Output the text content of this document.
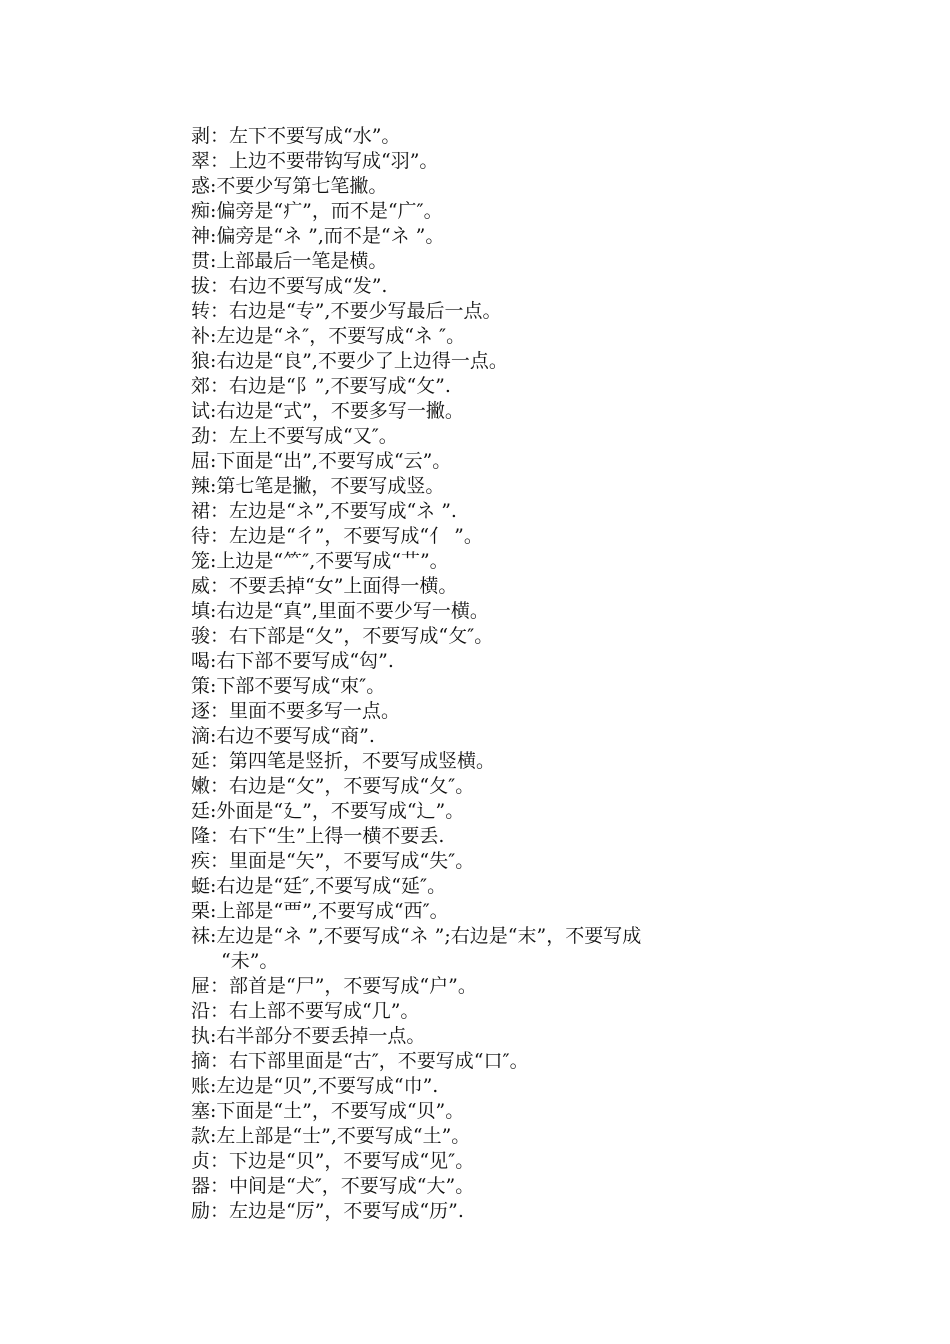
剥：左下不要写成“水”。
翠：上边不要带钩写成“羽”。
惑:不要少写第七笔撇。
痴:偏旁是“疒”，而不是“广″。
神:偏旁是“ネ ”,而不是“ネ ”。
贯:上部最后一笔是横。
拔：右边不要写成“发”.
转：右边是“专”,不要少写最后一点。
补:左边是“ネ″，不要写成“ネ ″。
狼:右边是“良”,不要少了上边得一点。
郊：右边是“阝”,不要写成“攵”.
试:右边是“式”，不要多写一撇。
劲：左上不要写成“又″。
屈:下面是“出”,不要写成“云”。
辣:第七笔是撇，不要写成竖。
裙：左边是“ネ”,不要写成“ネ ”.
待：左边是“彳”，不要写成“亻 ”。
笼:上边是“⺮″,不要写成“艹”。
威：不要丢掉“女”上面得一横。
填:右边是“真”,里面不要少写一横。
骏：右下部是“夂”，不要写成“攵″。
喝:右下部不要写成“匃”.
策:下部不要写成“朿″。
逐：里面不要多写一点。
滴:右边不要写成“商”.
延：第四笔是竖折，不要写成竖横。
嫩：右边是“攵”，不要写成“夂″。
廷:外面是“廴”，不要写成“辶”。
隆：右下“生”上得一横不要丢.
疾：里面是“矢”，不要写成“失″。
蜓:右边是“廷″,不要写成“延″。
栗:上部是“覀”,不要写成“西″。
袜:左边是“ネ ”,不要写成“ネ ”;右边是“末”，不要写成
“未”。
屉：部首是“尸”，不要写成“户”。
沿：右上部不要写成“几”。
执:右半部分不要丢掉一点。
摘：右下部里面是“古″，不要写成“口″。
账:左边是“贝”,不要写成“巾”.
塞:下面是“土”，不要写成“贝”。
款:左上部是“士”,不要写成“土”。
贞：下边是“贝”，不要写成“见″。
器：中间是“犬″，不要写成“大”。
励：左边是“厉”，不要写成“历”.
